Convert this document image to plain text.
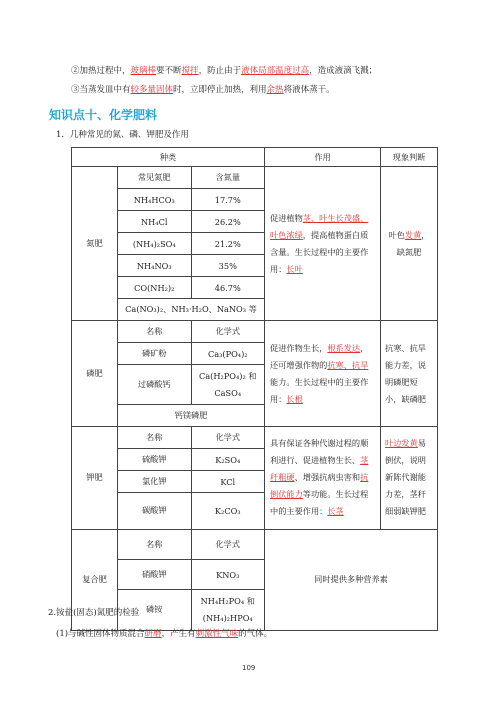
②加热过程中，玻璃棒要不断搅拌，防止由于液体局部温度过高，造成液滴飞溅；
③当蒸发皿中有较多量固体时，立即停止加热，利用余热将液体蒸干。
知识点十、化学肥料
1．几种常见的氮、磷、钾肥及作用
种类	作用	现象判断
氮肥	
常见氮肥	含氮量
NH₄HCO₃	17.7%
NH₄Cl	26.2%
(NH₄)₂SO₄	21.2%
NH₄NO₃	35%
CO(NH₂)₂	46.7%
Ca(NO₃)₂、NH₃·H₂O、NaNO₃ 等
	促进植物茎、叶生长茂盛、叶色浓绿，提高植物蛋白质含量。生长过程中的主要作用：长叶	叶色发黄，缺氮肥
磷肥	
名称	化学式
磷矿粉	Ca₃(PO₄)₂
过磷酸钙	Ca(H₂PO₄)₂ 和 CaSO₄
钙镁磷肥
	促进作物生长，根系发达，还可增强作物的抗寒、抗旱能力。生长过程中的主要作用：长根	抗寒、抗旱能力差，说明磷肥短小，缺磷肥
钾肥	
名称	化学式
硫酸钾	K₂SO₄
氯化钾	KCl
碳酸钾	K₂CO₃
	具有保证各种代谢过程的顺利进行、促进植物生长、茎秆粗硬、增强抗病虫害和抗倒伏能力等功能。生长过程中的主要作用：长茎	叶边发黄易倒伏，说明新陈代谢能力差，茎秆细弱缺钾肥
复合肥	
名称	化学式
硝酸钾	KNO₃
磷铵	NH₄H₂PO₄ 和 (NH₄)₂HPO₄
	同时提供多种营养素
2.铵盐(固态)氮肥的检验
(1)与碱性固体物质混合研磨，产生有刺激性气味的气体。
109
